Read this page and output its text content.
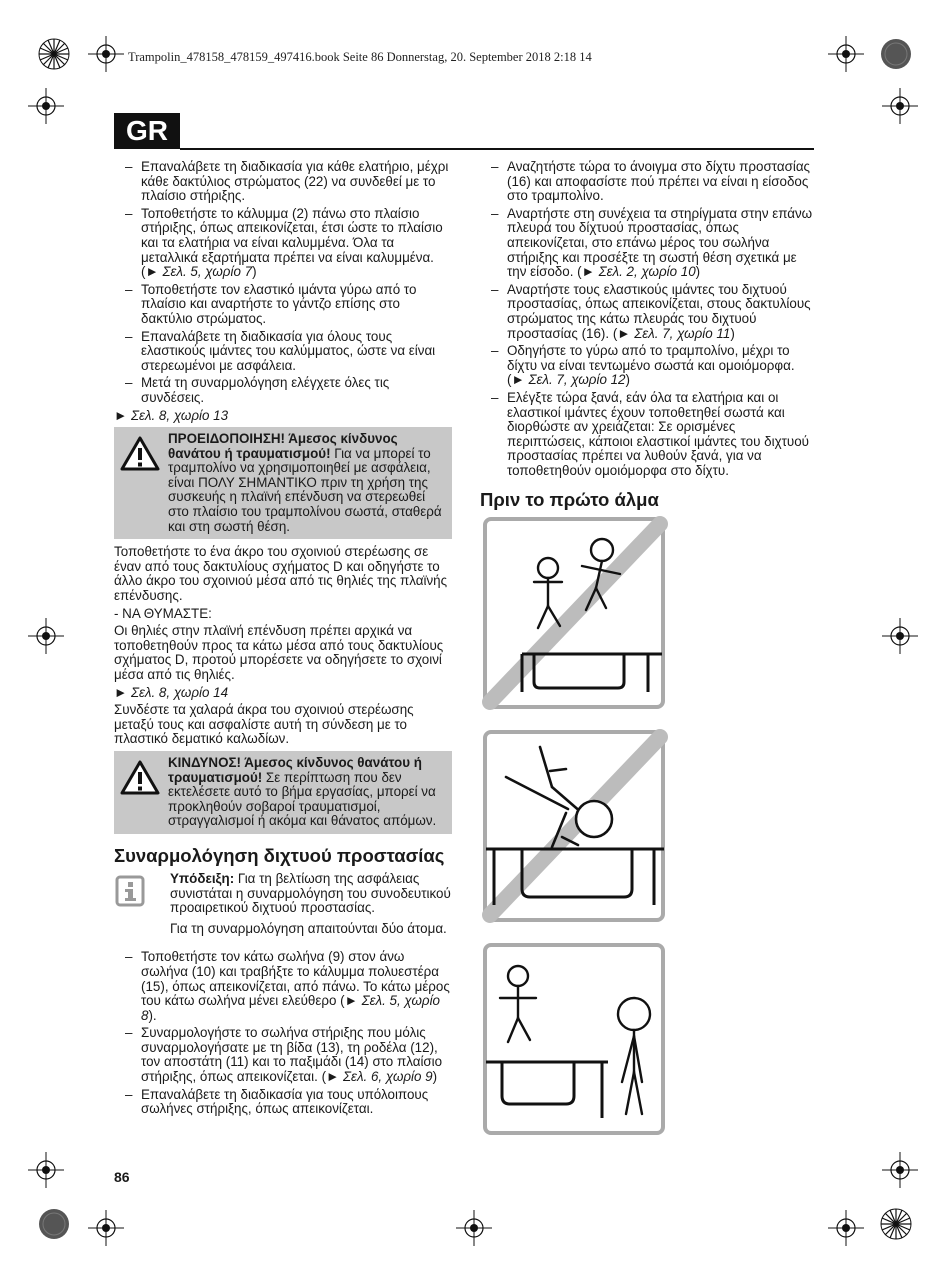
Trampolin_478158_478159_497416.book Seite 86 Donnerstag, 20. September 2018 2:18 14
GR
– Επαναλάβετε τη διαδικασία για κάθε ελατήριο, μέχρι κάθε δακτύλιος στρώματος (22) να συνδεθεί με το πλαίσιο στήριξης.
– Τοποθετήστε το κάλυμμα (2) πάνω στο πλαίσιο στήριξης, όπως απεικονίζεται, έτσι ώστε το πλαίσιο και τα ελατήρια να είναι καλυμμένα. Όλα τα μεταλλικά εξαρτήματα πρέπει να είναι καλυμμένα. (► Σελ. 5, χωρίο 7)
– Τοποθετήστε τον ελαστικό ιμάντα γύρω από το πλαίσιο και αναρτήστε το γάντζο επίσης στο δακτύλιο στρώματος.
– Επαναλάβετε τη διαδικασία για όλους τους ελαστικούς ιμάντες του καλύμματος, ώστε να είναι στερεωμένοι με ασφάλεια.
– Μετά τη συναρμολόγηση ελέγχετε όλες τις συνδέσεις.

► Σελ. 8, χωρίο 13

ΠΡΟΕΙΔΟΠΟΙΗΣΗ! Άμεσος κίνδυνος θανάτου ή τραυματισμού! Για να μπορεί το τραμπολίνο να χρησιμοποιηθεί με ασφάλεια, είναι ΠΟΛΥ ΣΗΜΑΝΤΙΚΟ πριν τη χρήση της συσκευής η πλαϊνή επένδυση να στερεωθεί στο πλαίσιο του τραμπολίνου σωστά, σταθερά και στη σωστή θέση.

Τοποθετήστε το ένα άκρο του σχοινιού στερέωσης σε έναν από τους δακτυλίους σχήματος D και οδηγήστε το άλλο άκρο του σχοινιού μέσα από τις θηλιές της πλαϊνής επένδυσης.

- ΝΑ ΘΥΜΑΣΤΕ:

Οι θηλιές στην πλαϊνή επένδυση πρέπει αρχικά να τοποθετηθούν προς τα κάτω μέσα από τους δακτυλίους σχήματος D, προτού μπορέσετε να οδηγήσετε το σχοινί μέσα από τις θηλιές.

► Σελ. 8, χωρίο 14

Συνδέστε τα χαλαρά άκρα του σχοινιού στερέωσης μεταξύ τους και ασφαλίστε αυτή τη σύνδεση με το πλαστικό δεματικό καλωδίων.

ΚΙΝΔΥΝΟΣ! Άμεσος κίνδυνος θανάτου ή τραυματισμού! Σε περίπτωση που δεν εκτελέσετε αυτό το βήμα εργασίας, μπορεί να προκληθούν σοβαροί τραυματισμοί, στραγγαλισμοί ή ακόμα και θάνατος απόμων.
Συναρμολόγηση διχτυού προστασίας

Υπόδειξη: Για τη βελτίωση της ασφάλειας συνιστάται η συναρμολόγηση του συνοδευτικού προαιρετικού διχτυού προστασίας.

Για τη συναρμολόγηση απαιτούνται δύο άτομα.

– Τοποθετήστε τον κάτω σωλήνα (9) στον άνω σωλήνα (10) και τραβήξτε το κάλυμμα πολυεστέρα (15), όπως απεικονίζεται, από πάνω. Το κάτω μέρος του κάτω σωλήνα μένει ελεύθερο (► Σελ. 5, χωρίο 8).
– Συναρμολογήστε το σωλήνα στήριξης που μόλις συναρμολογήσατε με τη βίδα (13), τη ροδέλα (12), τον αποστάτη (11) και το παξιμάδι (14) στο πλαίσιο στήριξης, όπως απεικονίζεται. (► Σελ. 6, χωρίο 9)
– Επαναλάβετε τη διαδικασία για τους υπόλοιπους σωλήνες στήριξης, όπως απεικονίζεται.
– Αναζητήστε τώρα το άνοιγμα στο δίχτυ προστασίας (16) και αποφασίστε πού πρέπει να είναι η είσοδος στο τραμπολίνο.
– Αναρτήστε στη συνέχεια τα στηρίγματα στην επάνω πλευρά του δίχτυού προστασίας, όπως απεικονίζεται, στο επάνω μέρος του σωλήνα στήριξης και προσέξτε τη σωστή θέση σχετικά με την είσοδο. (► Σελ. 2, χωρίο 10)
– Αναρτήστε τους ελαστικούς ιμάντες του διχτυού προστασίας, όπως απεικονίζεται, στους δακτυλίους στρώματος της κάτω πλευράς του διχτυού προστασίας (16). (► Σελ. 7, χωρίο 11)
– Οδηγήστε το γύρω από το τραμπολίνο, μέχρι το δίχτυ να είναι τεντωμένο σωστά και ομοιόμορφα. (► Σελ. 7, χωρίο 12)
– Ελέγξτε τώρα ξανά, εάν όλα τα ελατήρια και οι ελαστικοί ιμάντες έχουν τοποθετηθεί σωστά και διορθώστε αν χρειάζεται: Σε ορισμένες περιπτώσεις, κάποιοι ελαστικοί ιμάντες του διχτυού προστασίας πρέπει να λυθούν ξανά, για να τοποθετηθούν ομοιόμορφα στο δίχτυ.
Πριν το πρώτο άλμα

86
